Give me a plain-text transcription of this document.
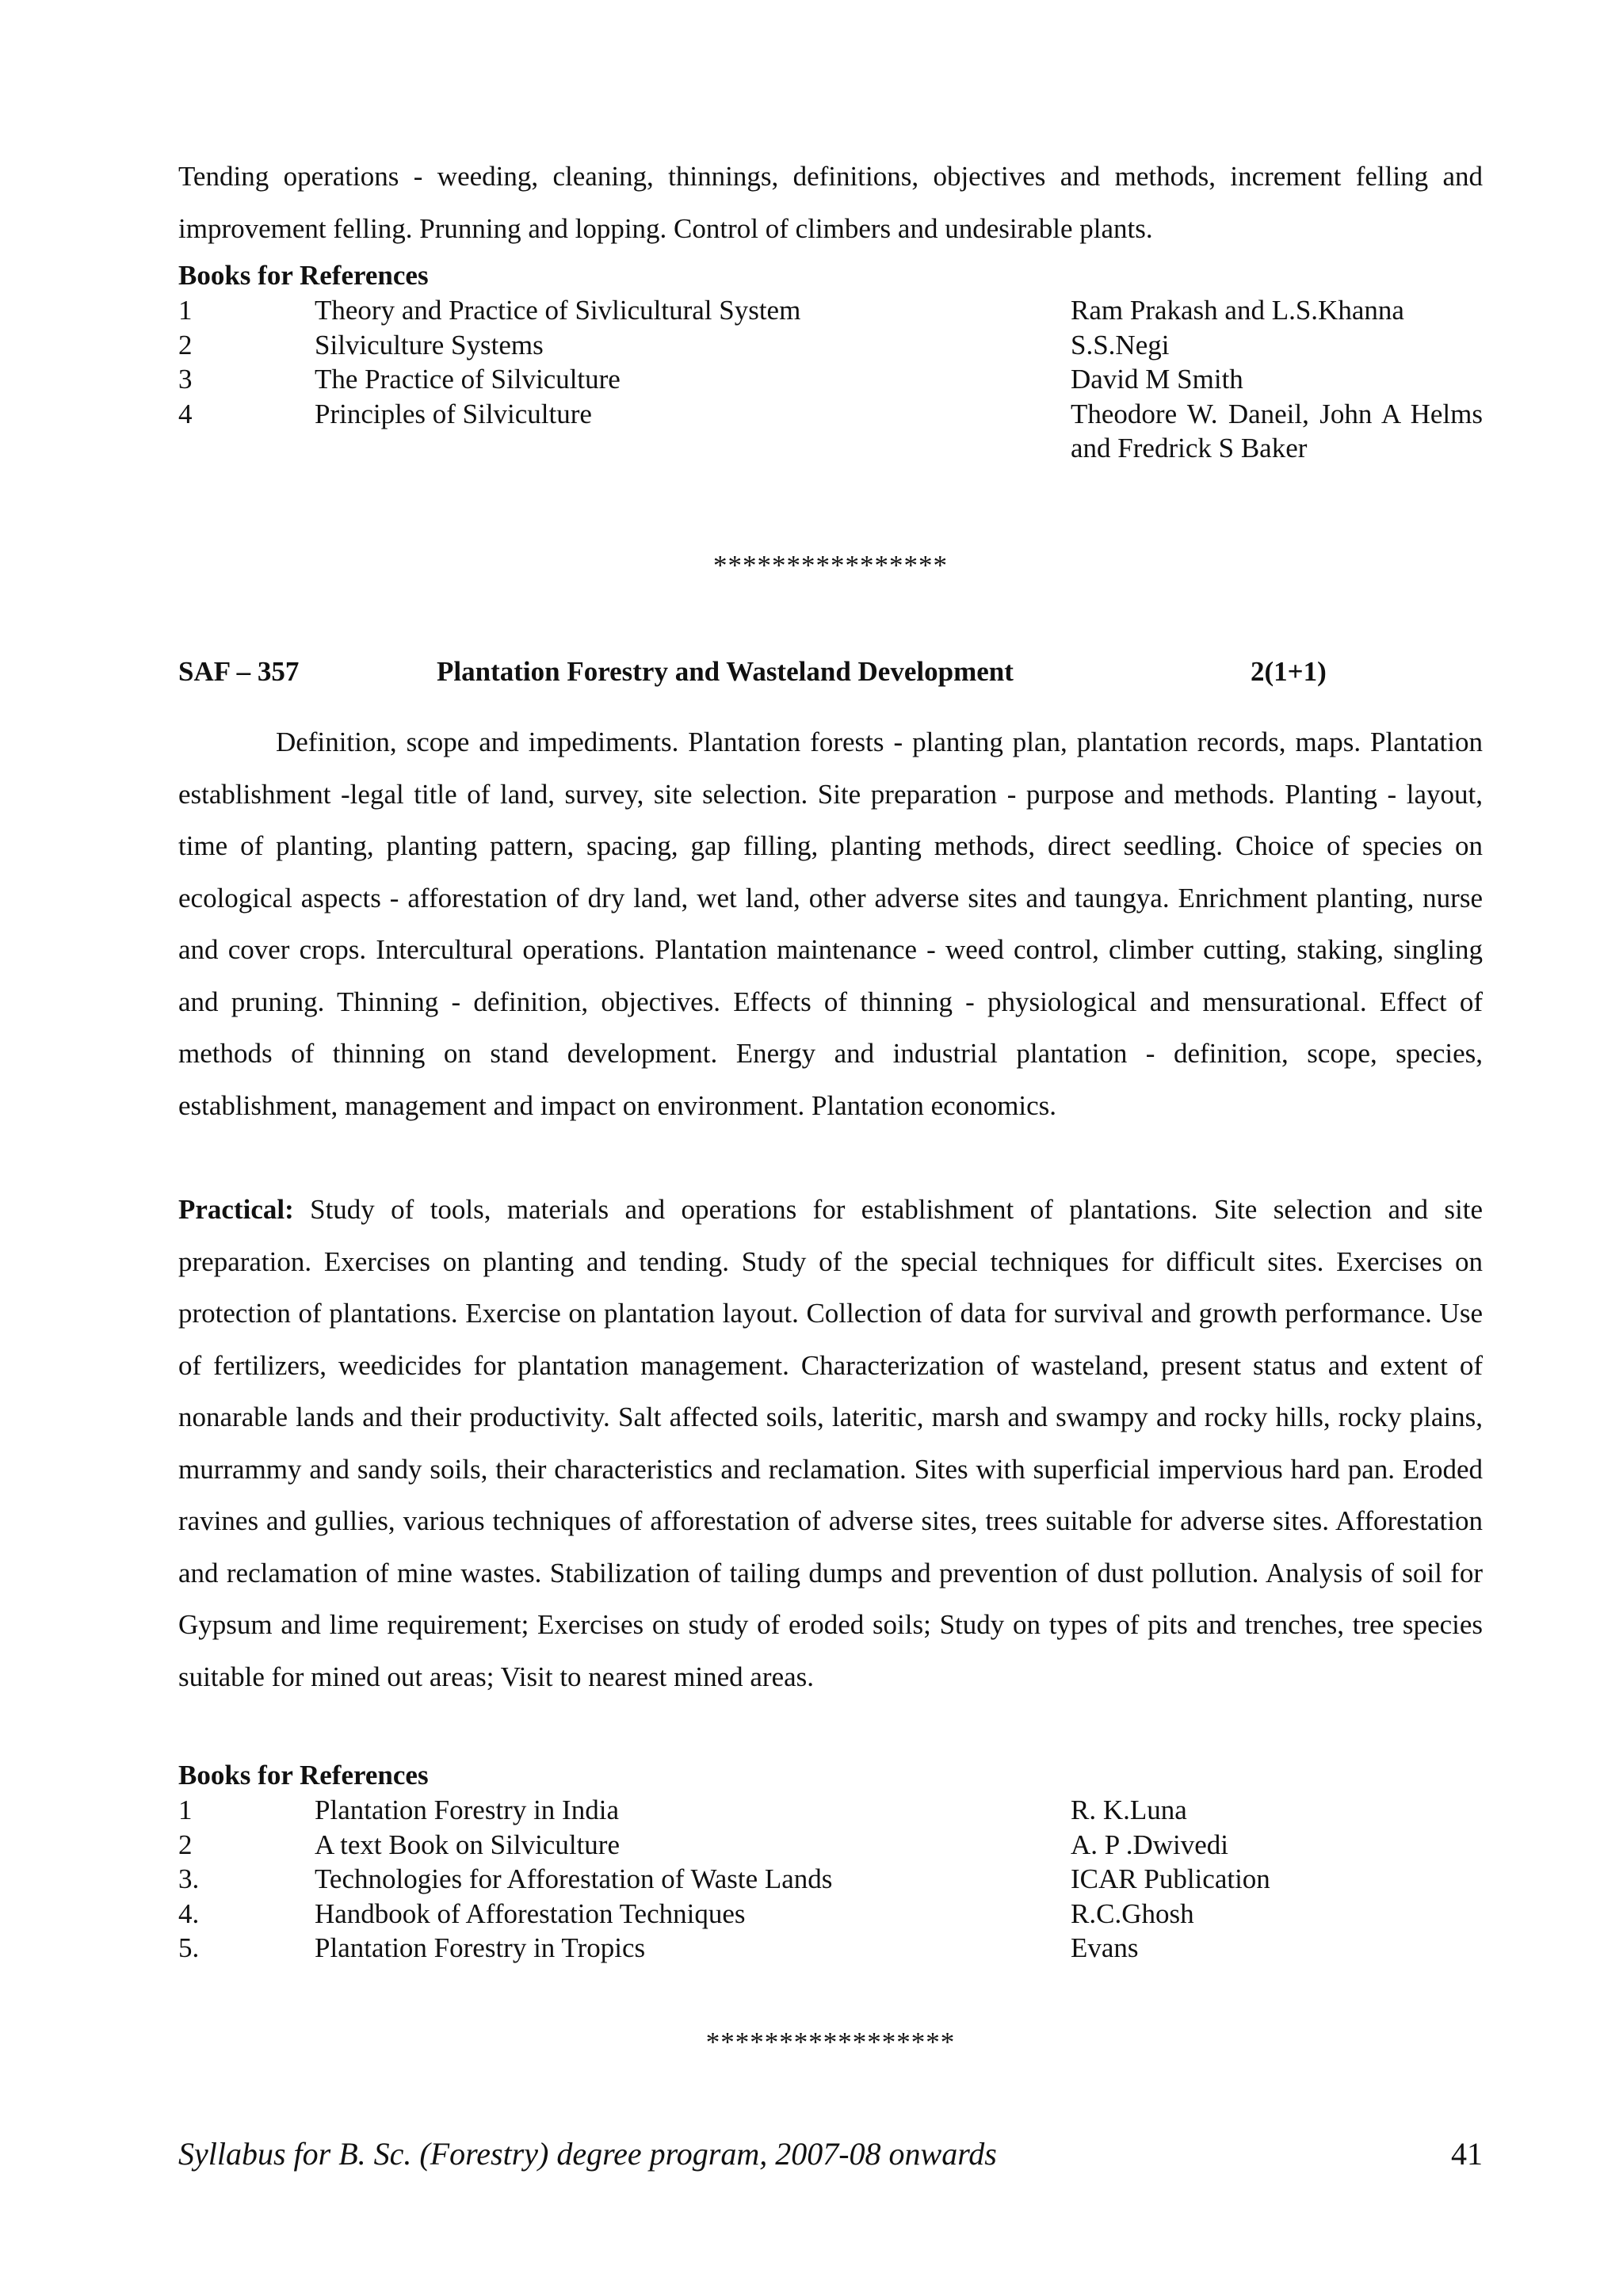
Tending operations - weeding, cleaning, thinnings, definitions, objectives and methods, increment felling and improvement felling. Prunning and lopping. Control of climbers and undesirable plants.

Books for References

1	Theory and Practice of Sivlicultural System	Ram Prakash and L.S.Khanna
2	Silviculture Systems	S.S.Negi
3	The Practice of Silviculture	David M Smith
4	Principles of Silviculture	Theodore W. Daneil, John A Helms and Fredrick S Baker
****************
SAF – 357	Plantation Forestry and Wasteland Development	2(1+1)

Definition, scope and impediments. Plantation forests - planting plan, plantation records, maps. Plantation establishment -legal title of land, survey, site selection. Site preparation - purpose and methods. Planting - layout, time of planting, planting pattern, spacing, gap filling, planting methods, direct seedling. Choice of species on ecological aspects - afforestation of dry land, wet land, other adverse sites and taungya. Enrichment planting, nurse and cover crops. Intercultural operations. Plantation maintenance - weed control, climber cutting, staking, singling and pruning. Thinning - definition, objectives. Effects of thinning - physiological and mensurational. Effect of methods of thinning on stand development. Energy and industrial plantation - definition, scope, species, establishment, management and impact on environment. Plantation economics.

Practical: Study of tools, materials and operations for establishment of plantations. Site selection and site preparation. Exercises on planting and tending. Study of the special techniques for difficult sites. Exercises on protection of plantations. Exercise on plantation layout. Collection of data for survival and growth performance. Use of fertilizers, weedicides for plantation management. Characterization of wasteland, present status and extent of nonarable lands and their productivity. Salt affected soils, lateritic, marsh and swampy and rocky hills, rocky plains, murrammy and sandy soils, their characteristics and reclamation. Sites with superficial impervious hard pan. Eroded ravines and gullies, various techniques of afforestation of adverse sites, trees suitable for adverse sites. Afforestation and reclamation of mine wastes. Stabilization of tailing dumps and prevention of dust pollution. Analysis of soil for Gypsum and lime requirement; Exercises on study of eroded soils; Study on types of pits and trenches, tree species suitable for mined out areas; Visit to nearest mined areas.

Books for References

1	Plantation Forestry in India	R. K.Luna
2	A text Book on Silviculture	A. P .Dwivedi
3.	Technologies for Afforestation of Waste Lands	ICAR Publication
4.	Handbook of Afforestation Techniques	R.C.Ghosh
5.	Plantation Forestry in Tropics	Evans
*****************
Syllabus for B. Sc. (Forestry) degree program, 2007-08 onwards	41
